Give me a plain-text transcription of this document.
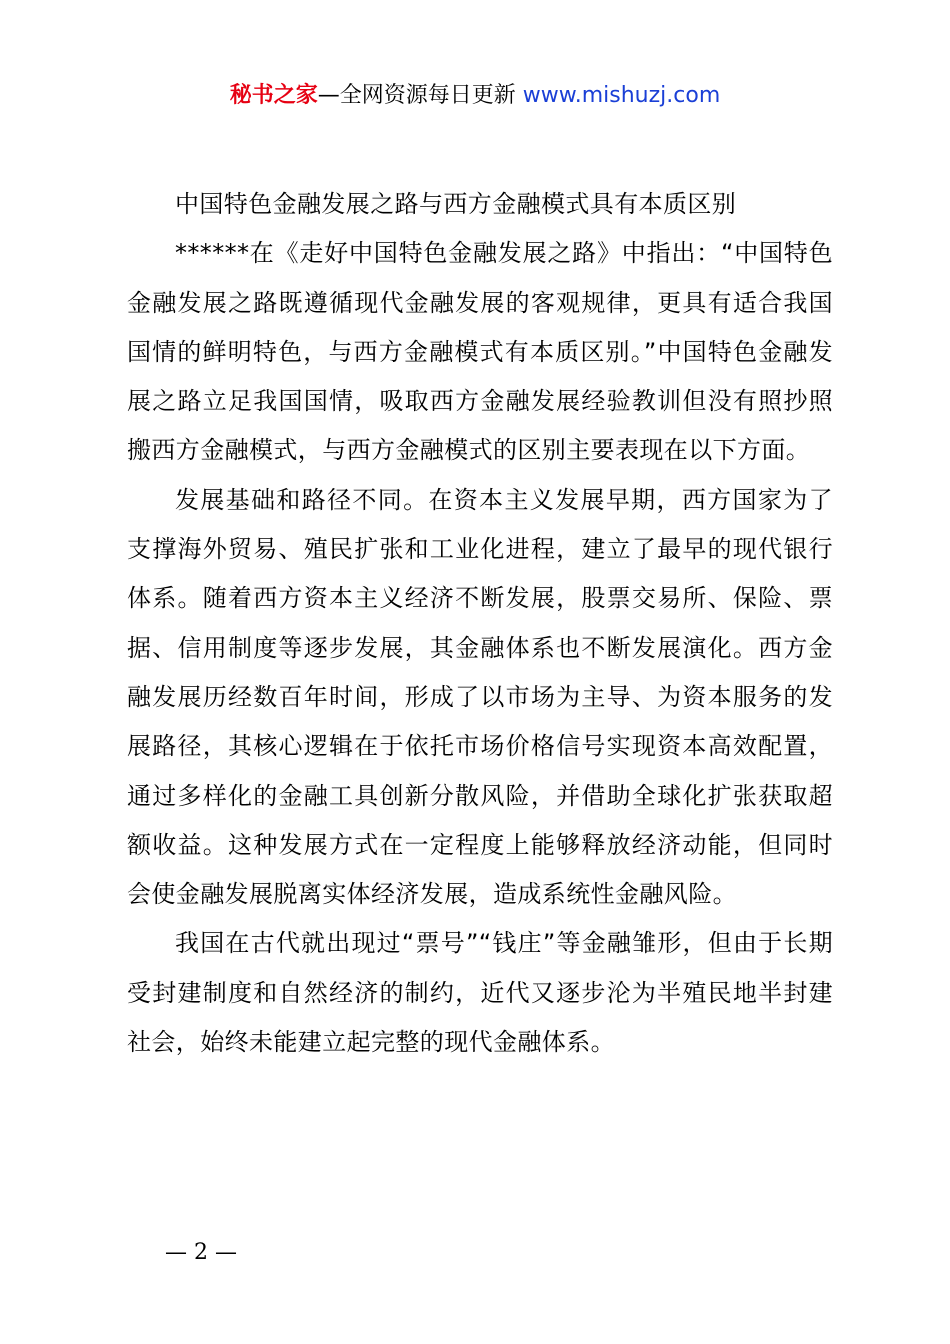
秘书之家—全网资源每日更新 www.mishuzj.com

中国特色金融发展之路与西方金融模式具有本质区别

******在《走好中国特色金融发展之路》中指出：“中国特色金融发展之路既遵循现代金融发展的客观规律，更具有适合我国国情的鲜明特色，与西方金融模式有本质区别。”中国特色金融发展之路立足我国国情，吸取西方金融发展经验教训但没有照抄照搬西方金融模式，与西方金融模式的区别主要表现在以下方面。

发展基础和路径不同。在资本主义发展早期，西方国家为了支撑海外贸易、殖民扩张和工业化进程，建立了最早的现代银行体系。随着西方资本主义经济不断发展，股票交易所、保险、票据、信用制度等逐步发展，其金融体系也不断发展演化。西方金融发展历经数百年时间，形成了以市场为主导、为资本服务的发展路径，其核心逻辑在于依托市场价格信号实现资本高效配置，通过多样化的金融工具创新分散风险，并借助全球化扩张获取超额收益。这种发展方式在一定程度上能够释放经济动能，但同时会使金融发展脱离实体经济发展，造成系统性金融风险。

我国在古代就出现过“票号”“钱庄”等金融雏形，但由于长期受封建制度和自然经济的制约，近代又逐步沦为半殖民地半封建社会，始终未能建立起完整的现代金融体系。

— 2 —
